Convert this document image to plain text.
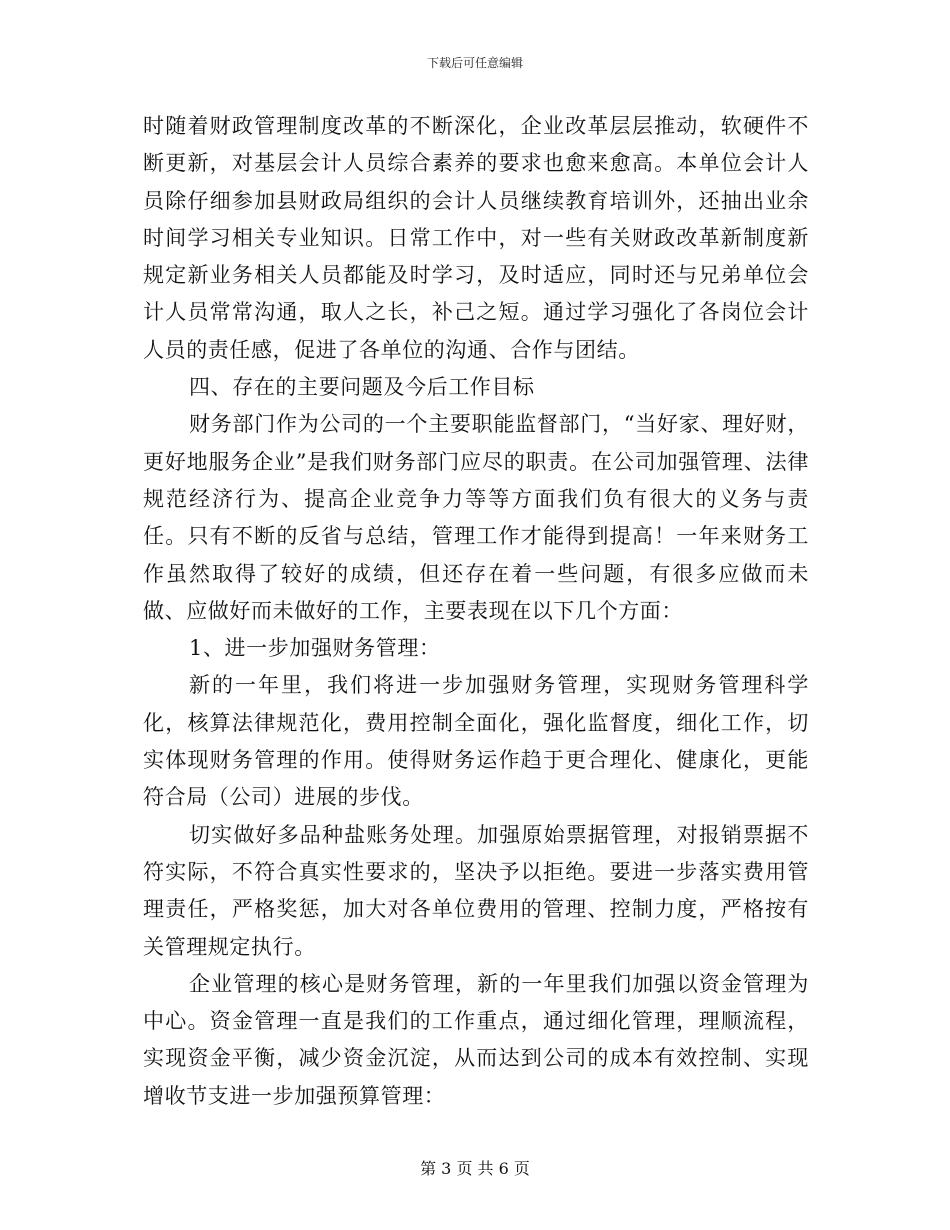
下载后可任意编辑

时随着财政管理制度改革的不断深化，企业改革层层推动，软硬件不断更新，对基层会计人员综合素养的要求也愈来愈高。本单位会计人员除仔细参加县财政局组织的会计人员继续教育培训外，还抽出业余时间学习相关专业知识。日常工作中，对一些有关财政改革新制度新规定新业务相关人员都能及时学习，及时适应，同时还与兄弟单位会计人员常常沟通，取人之长，补己之短。通过学习强化了各岗位会计人员的责任感，促进了各单位的沟通、合作与团结。

四、存在的主要问题及今后工作目标

财务部门作为公司的一个主要职能监督部门，“当好家、理好财，更好地服务企业”是我们财务部门应尽的职责。在公司加强管理、法律规范经济行为、提高企业竞争力等等方面我们负有很大的义务与责任。只有不断的反省与总结，管理工作才能得到提高！一年来财务工作虽然取得了较好的成绩，但还存在着一些问题，有很多应做而未做、应做好而未做好的工作，主要表现在以下几个方面：

1、进一步加强财务管理：

新的一年里，我们将进一步加强财务管理，实现财务管理科学化，核算法律规范化，费用控制全面化，强化监督度，细化工作，切实体现财务管理的作用。使得财务运作趋于更合理化、健康化，更能符合局（公司）进展的步伐。

切实做好多品种盐账务处理。加强原始票据管理，对报销票据不符实际，不符合真实性要求的，坚决予以拒绝。要进一步落实费用管理责任，严格奖惩，加大对各单位费用的管理、控制力度，严格按有关管理规定执行。

企业管理的核心是财务管理，新的一年里我们加强以资金管理为中心。资金管理一直是我们的工作重点，通过细化管理，理顺流程，实现资金平衡，减少资金沉淀，从而达到公司的成本有效控制、实现增收节支进一步加强预算管理：

第 3 页 共 6 页
